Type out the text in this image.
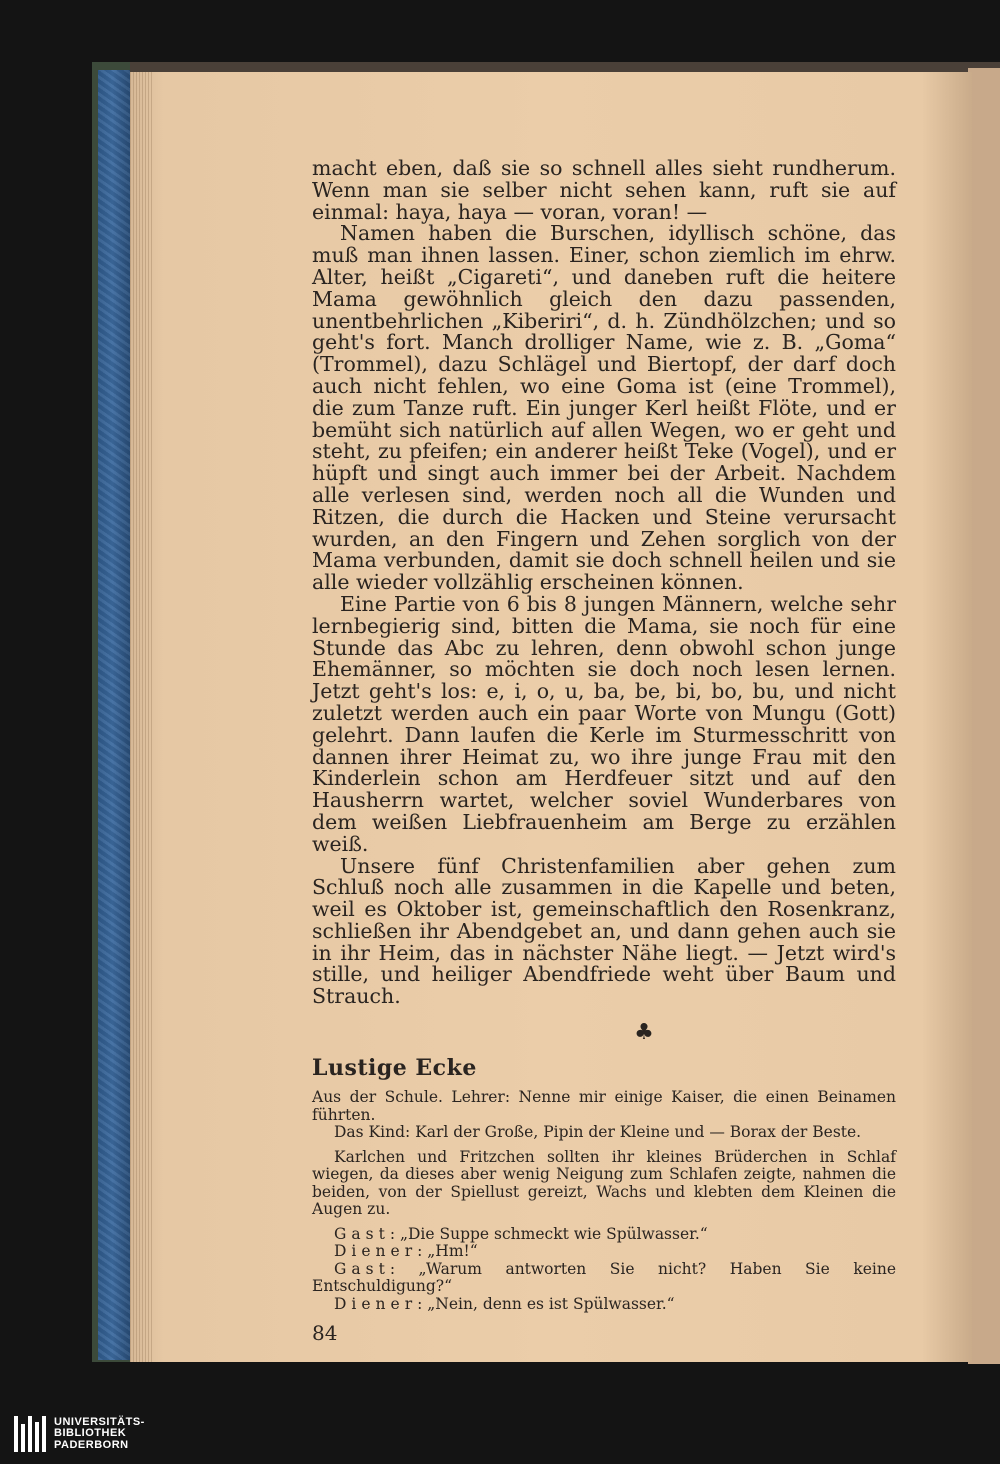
macht eben, daß sie so schnell alles sieht rundherum. Wenn man sie selber nicht sehen kann, ruft sie auf einmal: haya, haya — voran, voran! —

Namen haben die Burschen, idyllisch schöne, das muß man ihnen lassen. Einer, schon ziemlich im ehrw. Alter, heißt „Cigareti“, und daneben ruft die heitere Mama gewöhnlich gleich den dazu passenden, unentbehrlichen „Kiberiri“, d. h. Zündhölzchen; und so geht's fort. Manch drolliger Name, wie z. B. „Goma“ (Trommel), dazu Schlägel und Biertopf, der darf doch auch nicht fehlen, wo eine Goma ist (eine Trommel), die zum Tanze ruft. Ein junger Kerl heißt Flöte, und er bemüht sich natürlich auf allen Wegen, wo er geht und steht, zu pfeifen; ein anderer heißt Teke (Vogel), und er hüpft und singt auch immer bei der Arbeit. Nachdem alle verlesen sind, werden noch all die Wunden und Ritzen, die durch die Hacken und Steine verursacht wurden, an den Fingern und Zehen sorglich von der Mama verbunden, damit sie doch schnell heilen und sie alle wieder vollzählig erscheinen können.

Eine Partie von 6 bis 8 jungen Männern, welche sehr lernbegierig sind, bitten die Mama, sie noch für eine Stunde das Abc zu lehren, denn obwohl schon junge Ehemänner, so möchten sie doch noch lesen lernen. Jetzt geht's los: e, i, o, u, ba, be, bi, bo, bu, und nicht zuletzt werden auch ein paar Worte von Mungu (Gott) gelehrt. Dann laufen die Kerle im Sturmesschritt von dannen ihrer Heimat zu, wo ihre junge Frau mit den Kinderlein schon am Herdfeuer sitzt und auf den Hausherrn wartet, welcher soviel Wunderbares von dem weißen Liebfrauenheim am Berge zu erzählen weiß.

Unsere fünf Christenfamilien aber gehen zum Schluß noch alle zusammen in die Kapelle und beten, weil es Oktober ist, gemeinschaftlich den Rosenkranz, schließen ihr Abendgebet an, und dann gehen auch sie in ihr Heim, das in nächster Nähe liegt. — Jetzt wird's stille, und heiliger Abendfriede weht über Baum und Strauch.

♣
Lustige Ecke

Aus der Schule. Lehrer: Nenne mir einige Kaiser, die einen Beinamen führten.

Das Kind: Karl der Große, Pipin der Kleine und — Borax der Beste.

Karlchen und Fritzchen sollten ihr kleines Brüderchen in Schlaf wiegen, da dieses aber wenig Neigung zum Schlafen zeigte, nahmen die beiden, von der Spiellust gereizt, Wachs und klebten dem Kleinen die Augen zu.

Gast: „Die Suppe schmeckt wie Spülwasser.“

Diener: „Hm!“

Gast: „Warum antworten Sie nicht? Haben Sie keine Entschuldigung?“

Diener: „Nein, denn es ist Spülwasser.“

84
UNIVERSITÄTS-
BIBLIOTHEK
PADERBORN
